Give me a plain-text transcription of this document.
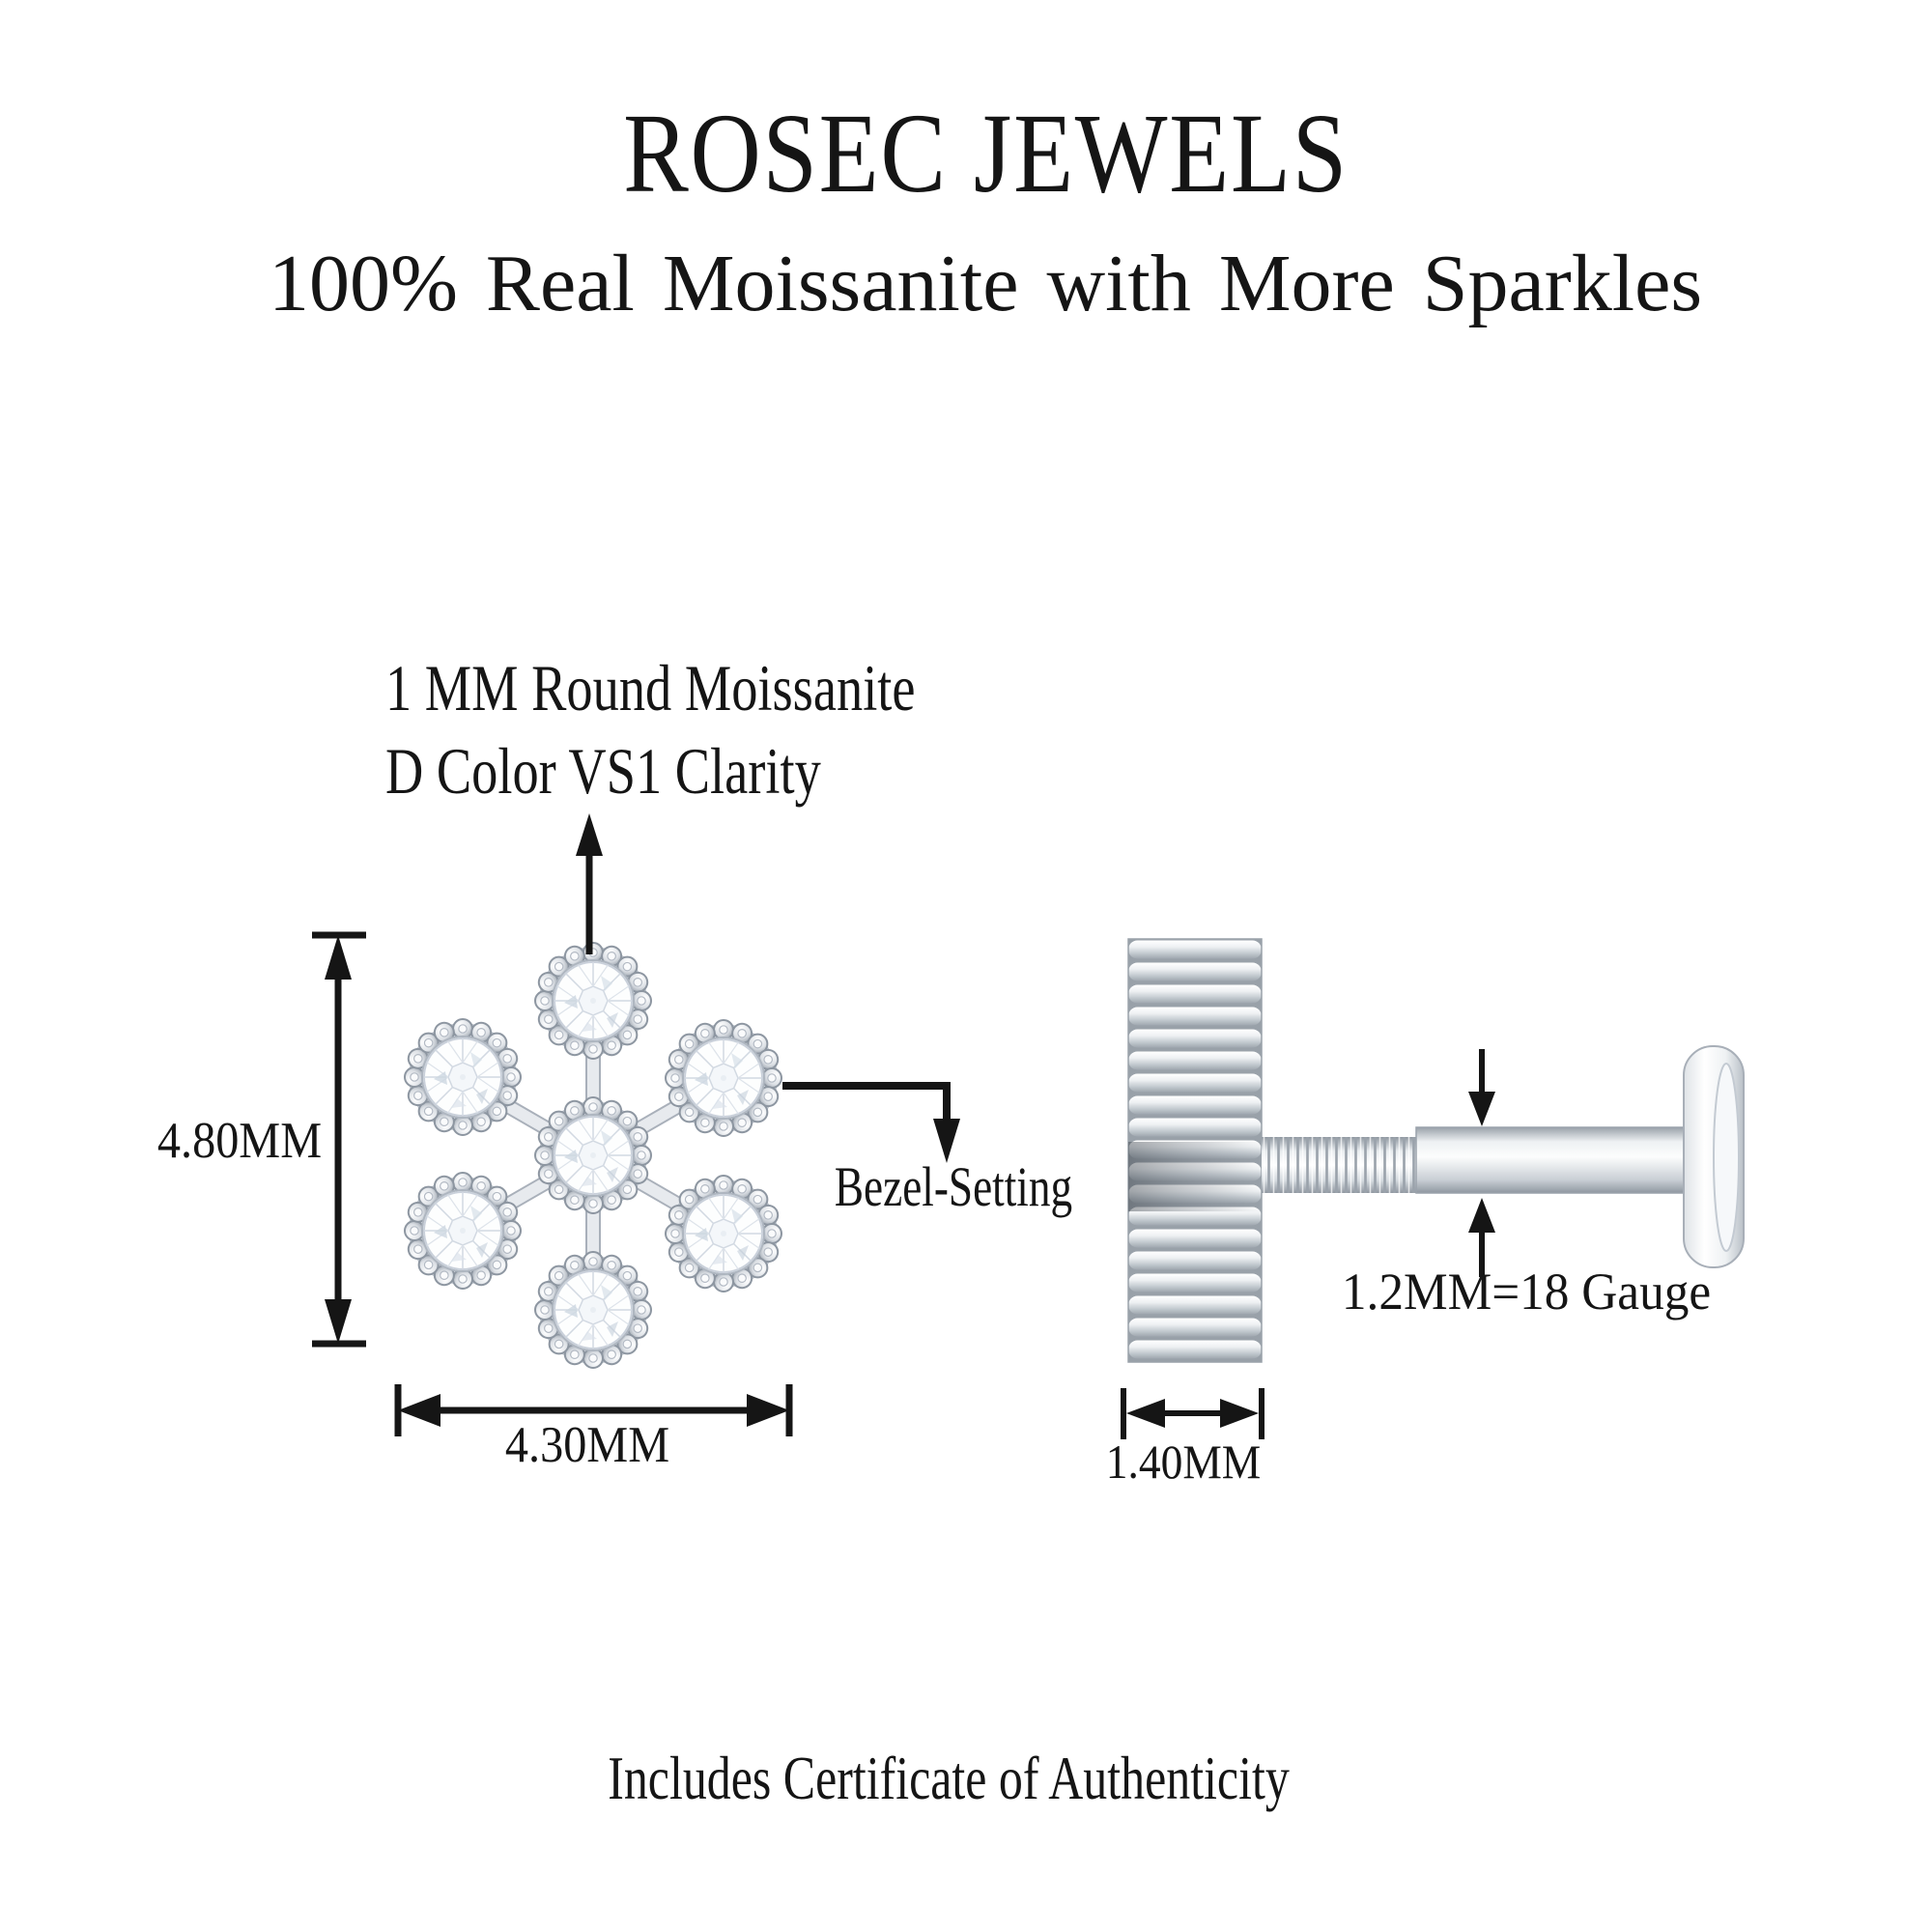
ROSEC JEWELS
100% Real Moissanite with More Sparkles
1 MM Round Moissanite
D Color VS1 Clarity
4.80MM
4.30MM
Bezel-Setting
1.2MM=18 Gauge
1.40MM
Includes Certificate of Authenticity
